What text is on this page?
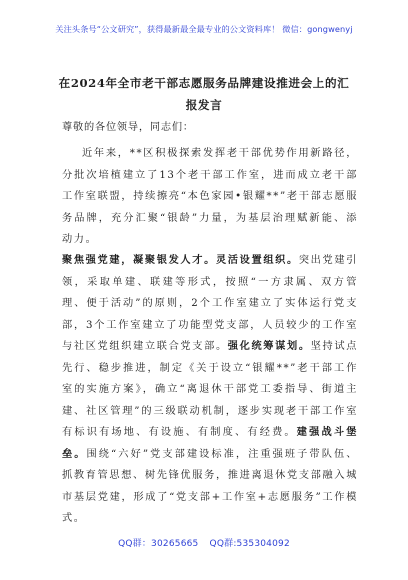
关注头条号“公文研究”，获得最新最全最专业的公文资料库！ 微信：gongwenyj
在2024年全市老干部志愿服务品牌建设推进会上的汇报发言
尊敬的各位领导，同志们：
近年来，**区积极探索发挥老干部优势作用新路径，分批次培植建立了13个老干部工作室，进而成立老干部工作室联盟，持续擦亮“本色家园•银耀**”老干部志愿服务品牌，充分汇聚“银龄”力量，为基层治理赋新能、添动力。
聚焦强党建，凝聚银发人才。灵活设置组织。突出党建引领，采取单建、联建等形式，按照“一方隶属、双方管理、便于活动”的原则，2个工作室建立了实体运行党支部，3个工作室建立了功能型党支部，人员较少的工作室与社区党组织建立联合党支部。强化统筹谋划。坚持试点先行、稳步推进，制定《关于设立“银耀**”老干部工作室的实施方案》，确立“离退休干部党工委指导、街道主建、社区管理”的三级联动机制，逐步实现老干部工作室有标识有场地、有设施、有制度、有经费。建强战斗堡垒。围绕“六好”党支部建设标准，注重强班子带队伍、抓教育管思想、树先锋优服务，推进离退休党支部融入城市基层党建，形成了“党支部+工作室+志愿服务”工作模式。
QQ群：30265665 QQ群:535304092
